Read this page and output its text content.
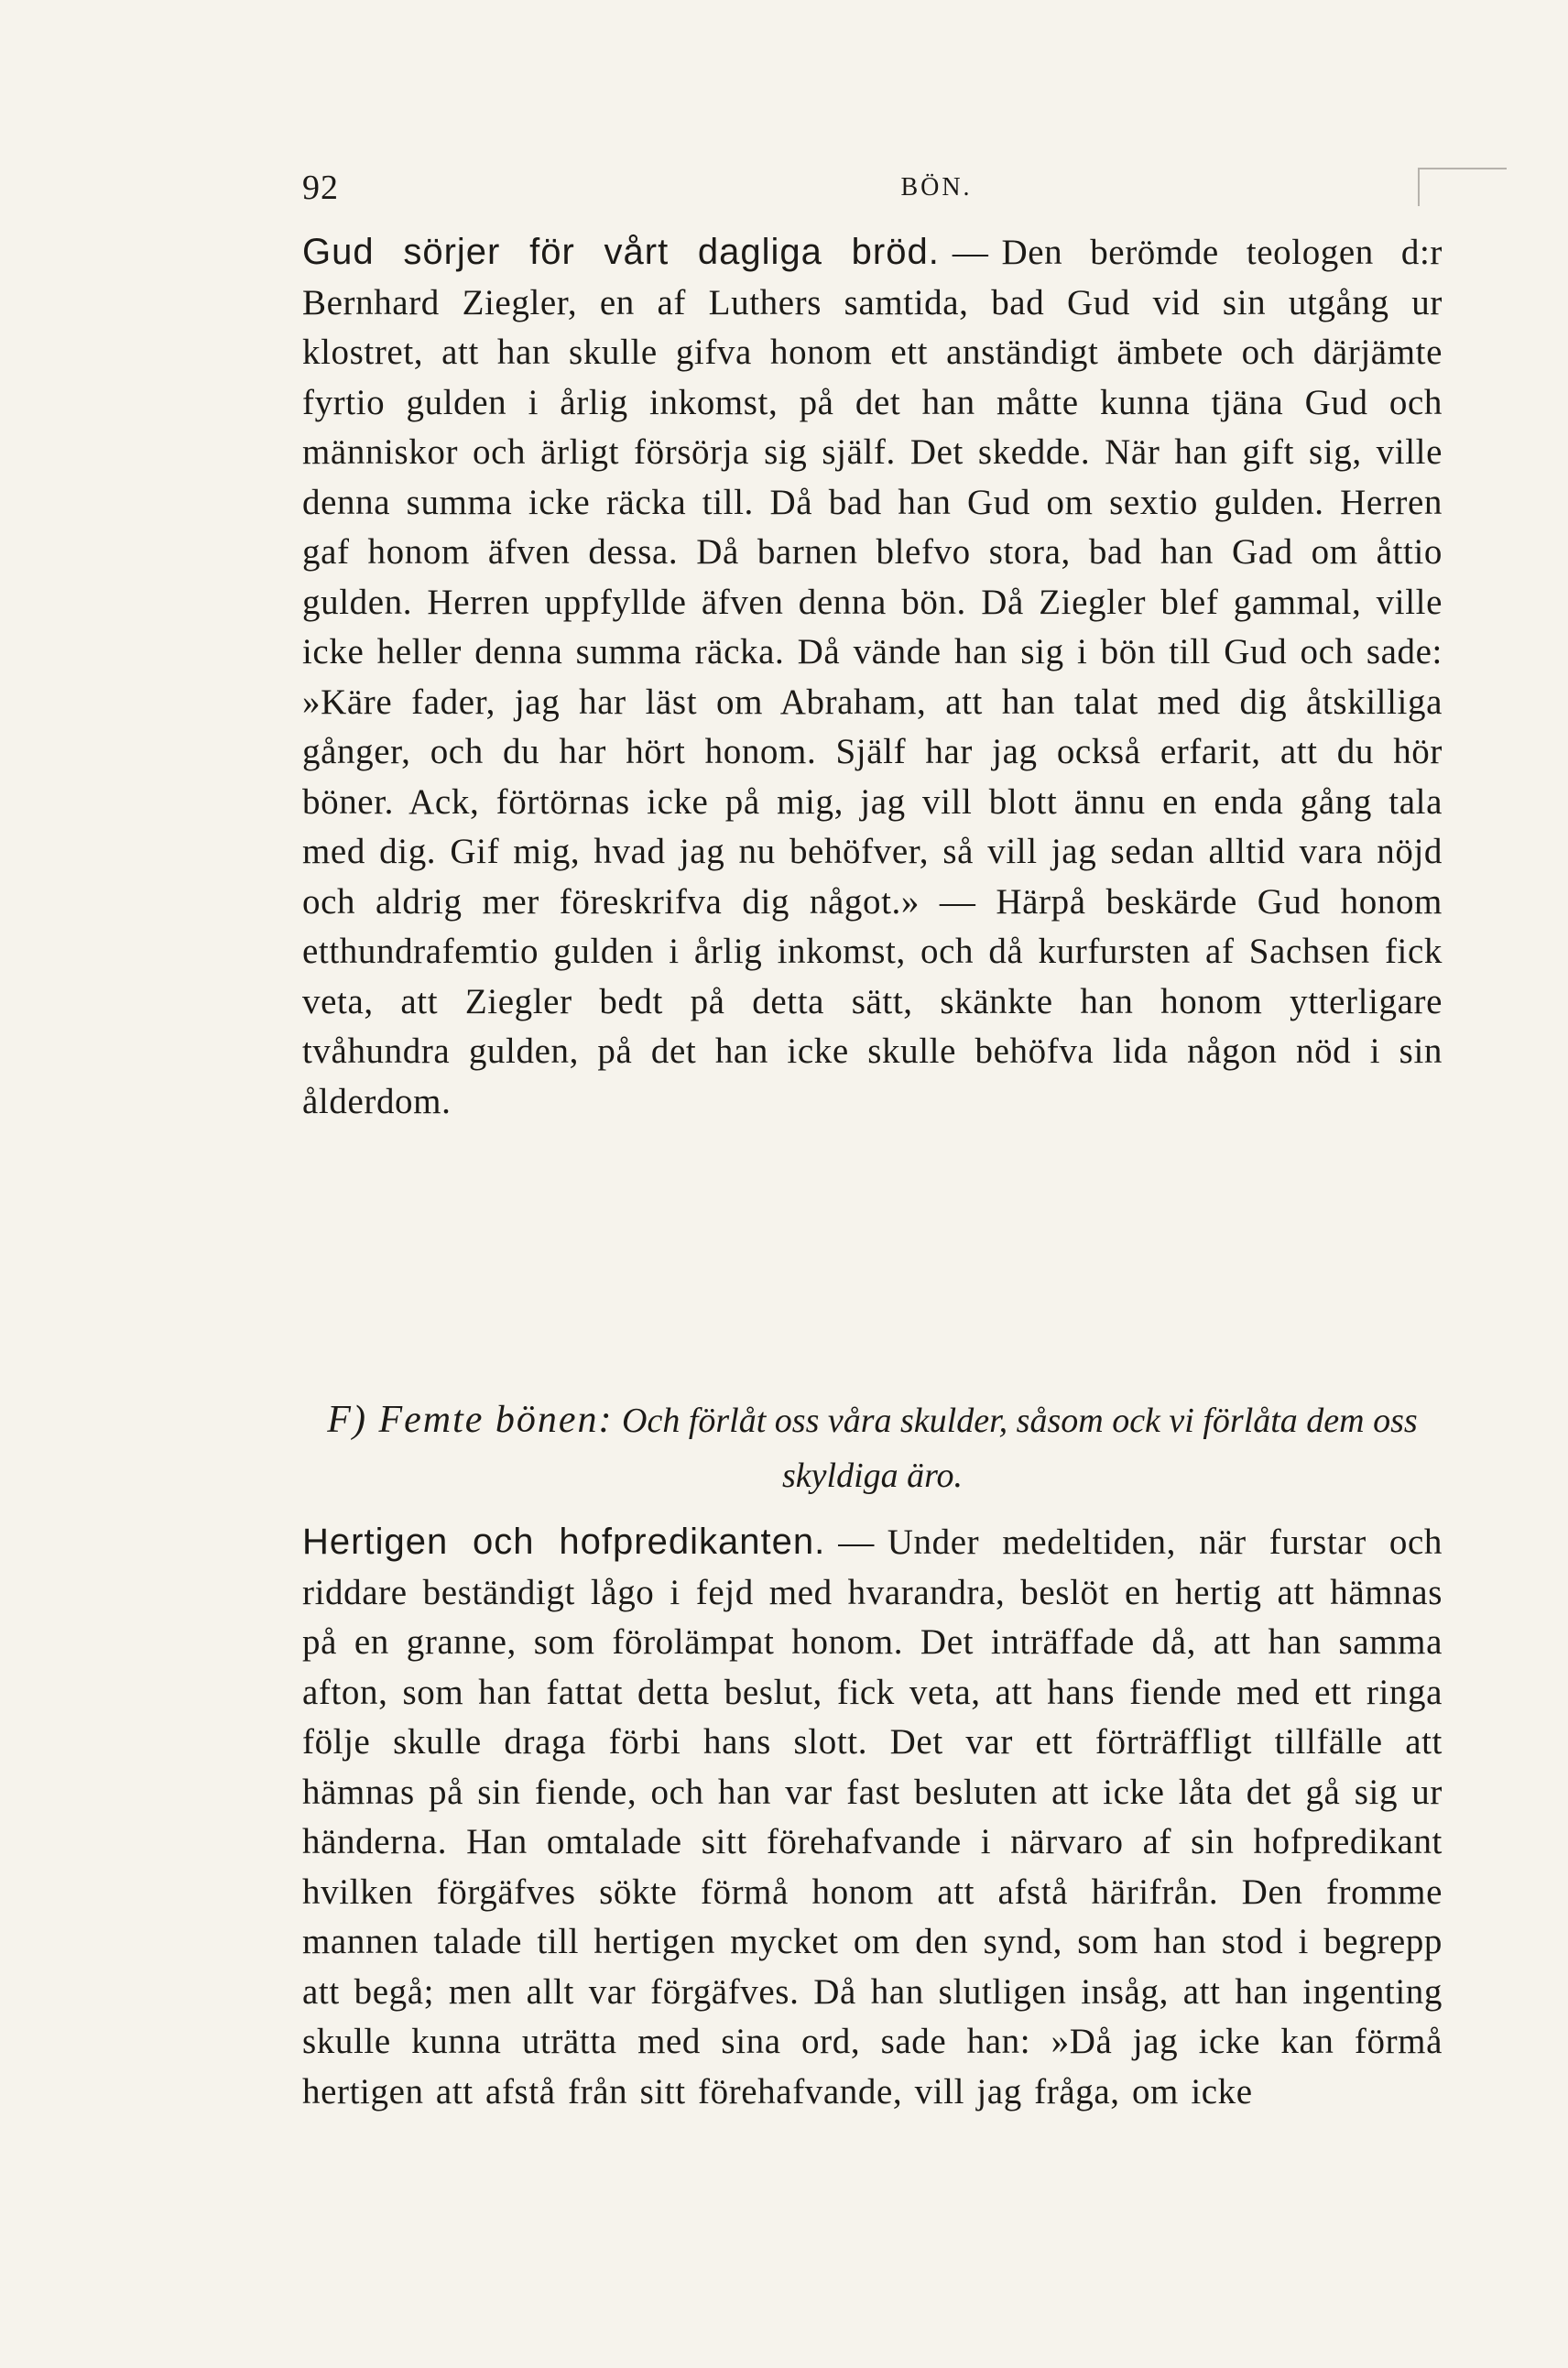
92	BÖN.

Gud sörjer för vårt dagliga bröd. — Den berömde teologen d:r Bernhard Ziegler, en af Luthers samtida, bad Gud vid sin utgång ur klostret, att han skulle gifva honom ett anständigt ämbete och därjämte fyrtio gulden i årlig inkomst, på det han måtte kunna tjäna Gud och människor och ärligt försörja sig själf. Det skedde. När han gift sig, ville denna summa icke räcka till. Då bad han Gud om sextio gulden. Herren gaf honom äfven dessa. Då barnen blefvo stora, bad han Gad om åttio gulden. Herren uppfyllde äfven denna bön. Då Ziegler blef gammal, ville icke heller denna summa räcka. Då vände han sig i bön till Gud och sade: »Käre fader, jag har läst om Abraham, att han talat med dig åtskilliga gånger, och du har hört honom. Själf har jag också erfarit, att du hör böner. Ack, förtörnas icke på mig, jag vill blott ännu en enda gång tala med dig. Gif mig, hvad jag nu behöfver, så vill jag sedan alltid vara nöjd och aldrig mer föreskrifva dig något.» — Härpå beskärde Gud honom etthundrafemtio gulden i årlig inkomst, och då kurfursten af Sachsen fick veta, att Ziegler bedt på detta sätt, skänkte han honom ytterligare tvåhundra gulden, på det han icke skulle behöfva lida någon nöd i sin ålderdom.

F) Femte bönen: Och förlåt oss våra skulder, såsom ock vi förlåta dem oss skyldiga äro.

Hertigen och hofpredikanten. — Under medeltiden, när furstar och riddare beständigt lågo i fejd med hvarandra, beslöt en hertig att hämnas på en granne, som förolämpat honom. Det inträffade då, att han samma afton, som han fattat detta beslut, fick veta, att hans fiende med ett ringa följe skulle draga förbi hans slott. Det var ett förträffligt tillfälle att hämnas på sin fiende, och han var fast besluten att icke låta det gå sig ur händerna. Han omtalade sitt förehafvande i närvaro af sin hofpredikant hvilken förgäfves sökte förmå honom att afstå härifrån. Den fromme mannen talade till hertigen mycket om den synd, som han stod i begrepp att begå; men allt var förgäfves. Då han slutligen insåg, att han ingenting skulle kunna uträtta med sina ord, sade han: »Då jag icke kan förmå hertigen att afstå från sitt förehafvande, vill jag fråga, om icke
